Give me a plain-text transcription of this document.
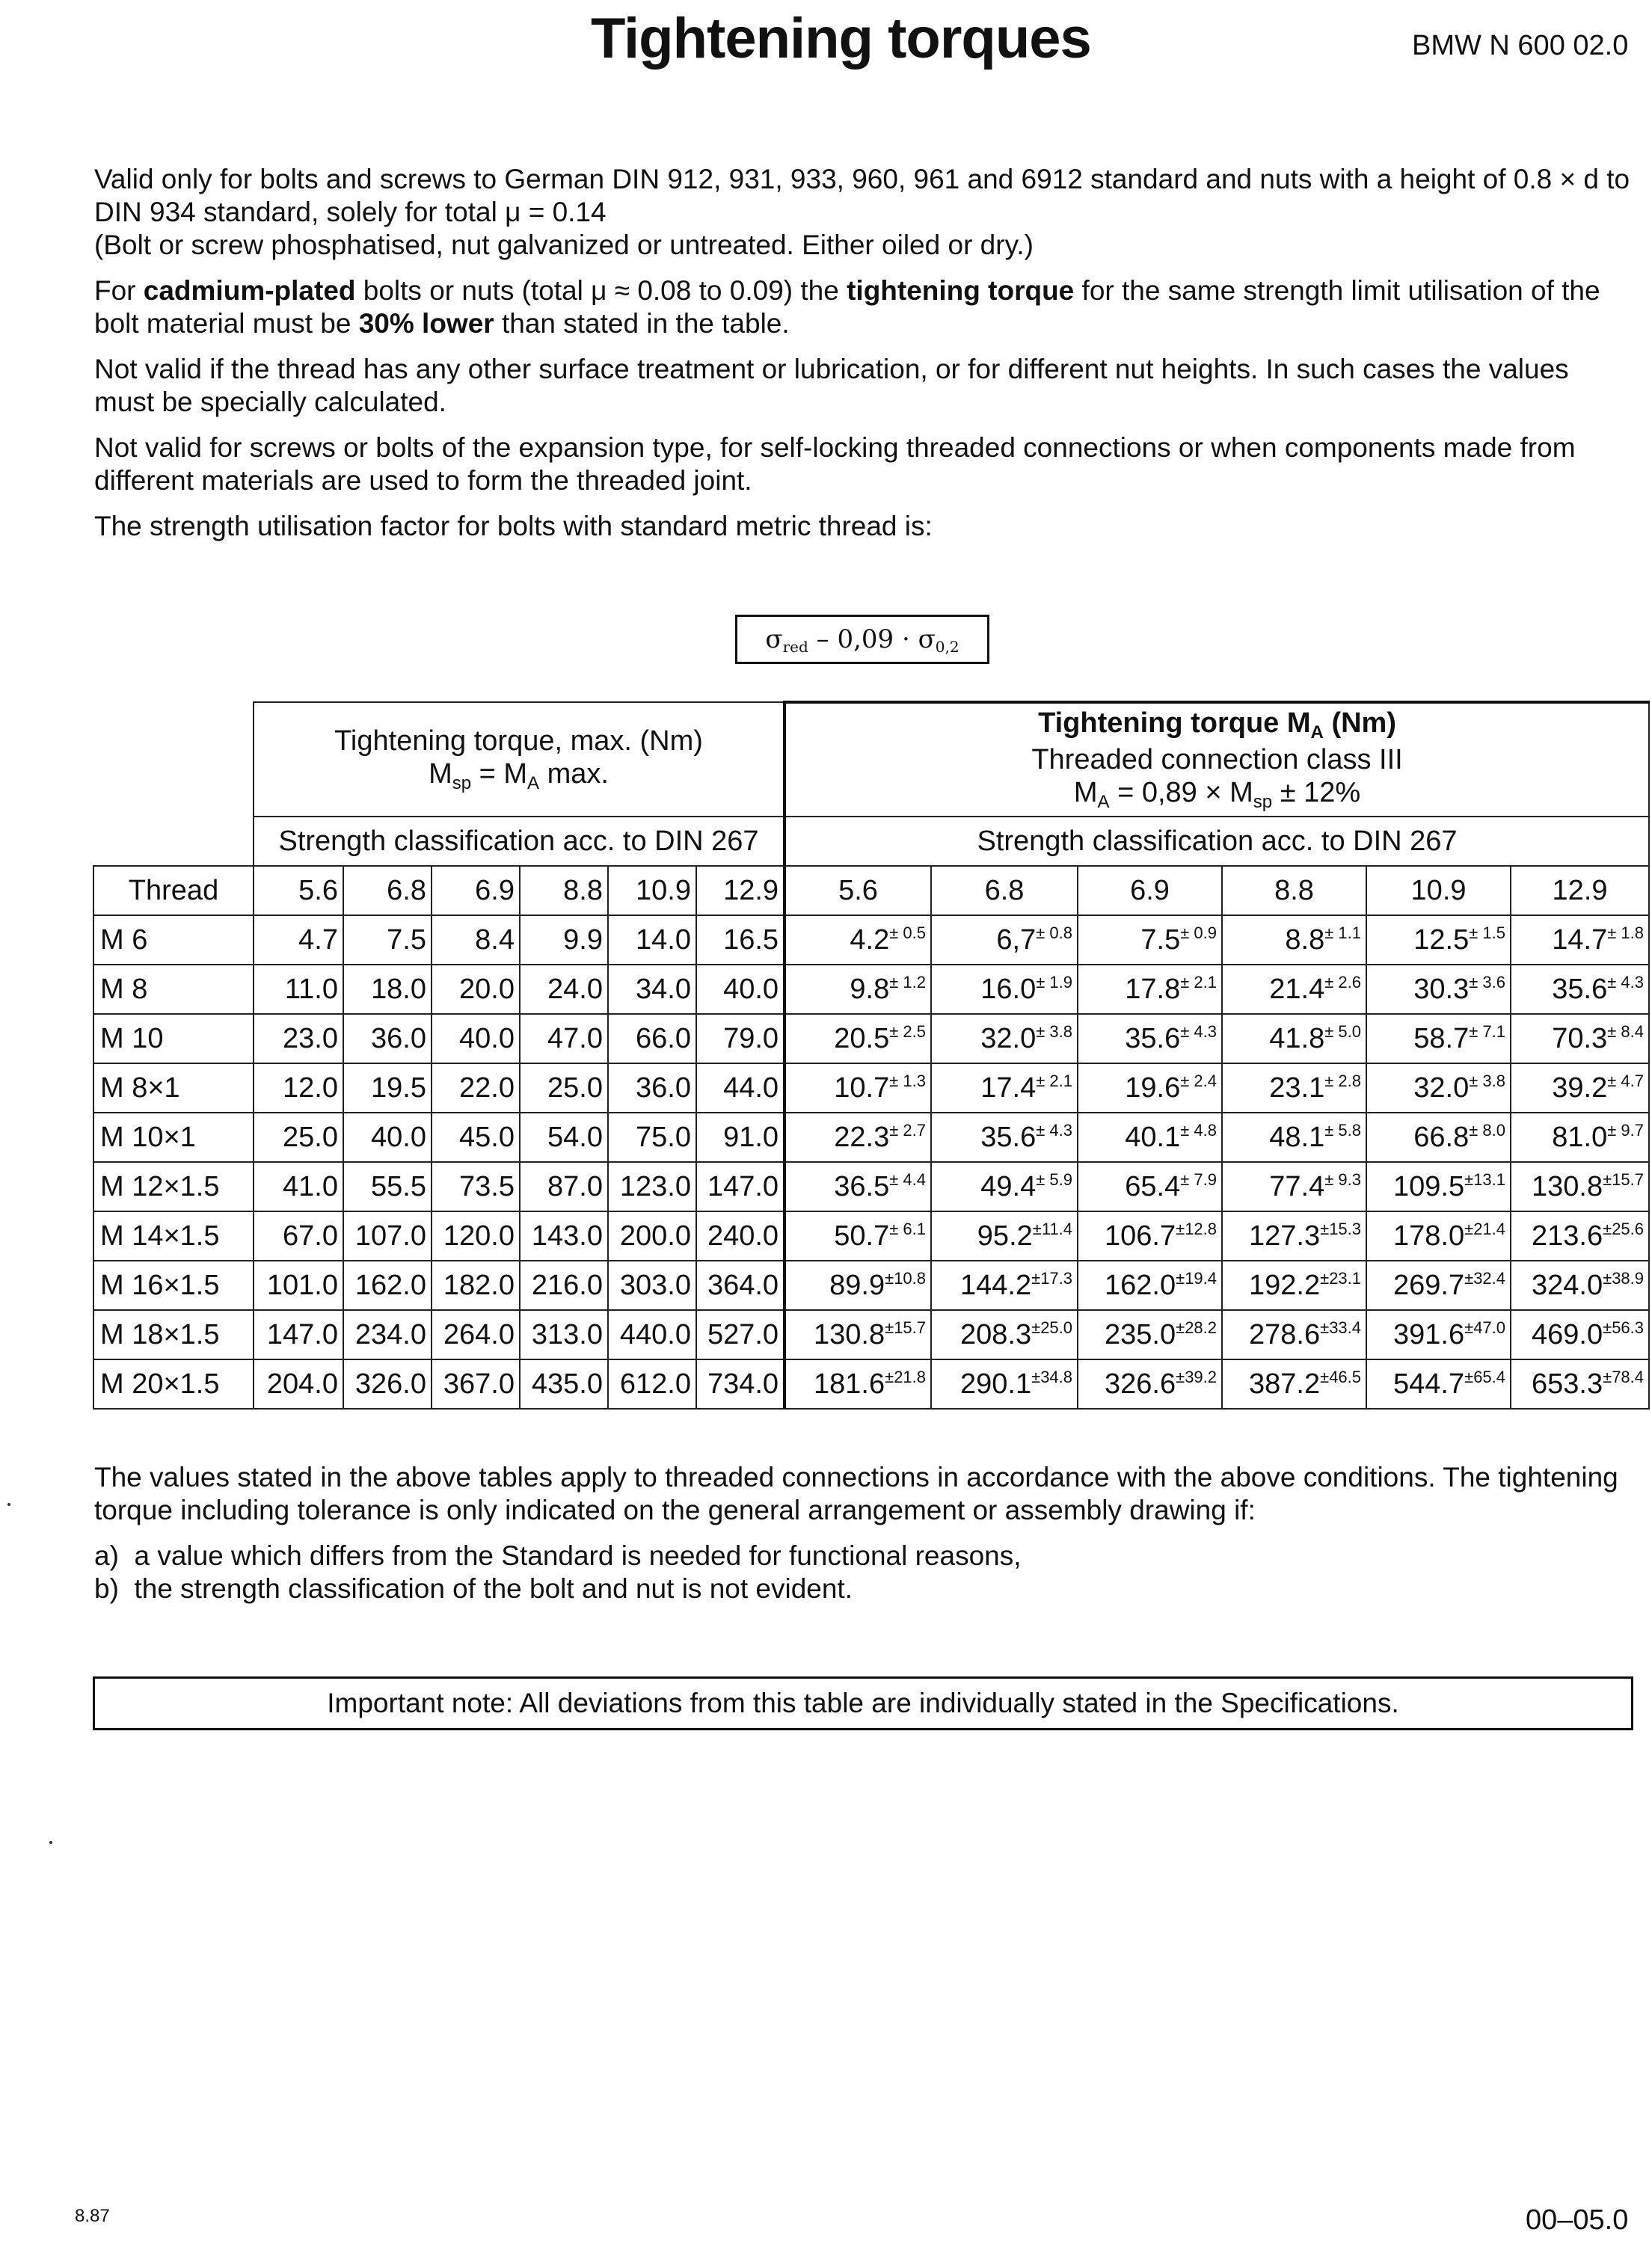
Tightening torques	BMW N 600 02.0

Valid only for bolts and screws to German DIN 912, 931, 933, 960, 961 and 6912 standard and nuts with a height of 0.8 × d to DIN 934 standard, solely for total μ = 0.14
(Bolt or screw phosphatised, nut galvanized or untreated. Either oiled or dry.)

For cadmium-plated bolts or nuts (total μ ≈ 0.08 to 0.09) the tightening torque for the same strength limit utilisation of the bolt material must be 30% lower than stated in the table.

Not valid if the thread has any other surface treatment or lubrication, or for different nut heights. In such cases the values must be specially calculated.

Not valid for screws or bolts of the expansion type, for self-locking threaded connections or when components made from different materials are used to form the threaded joint.

The strength utilisation factor for bolts with standard metric thread is:

σ red – 0,09 · σ 0,2
	Tightening torque, max. (Nm)
$M_{sp} = M_A$ max.						Tightening torque $M_A$ (Nm)
Threaded connection class III
$M_A = 0,89 \times M_{sp} \pm 12\%$					
	Strength classification acc. to DIN 267						Strength classification acc. to DIN 267					
Thread	5.6	6.8	6.9	8.8	10.9	12.9	5.6	6.8	6.9	8.8	10.9	12.9
M 6	4.7	7.5	8.4	9.9	14.0	16.5	$4.2^{\pm 0.5}$	$6,7^{\pm 0.8}$	$7.5^{\pm 0.9}$	$8.8^{\pm 1.1}$	$12.5^{\pm 1.5}$	$14.7^{\pm 1.8}$
M 8	11.0	18.0	20.0	24.0	34.0	40.0	$9.8^{\pm 1.2}$	$16.0^{\pm 1.9}$	$17.8^{\pm 2.1}$	$21.4^{\pm 2.6}$	$30.3^{\pm 3.6}$	$35.6^{\pm 4.3}$
M 10	23.0	36.0	40.0	47.0	66.0	79.0	$20.5^{\pm 2.5}$	$32.0^{\pm 3.8}$	$35.6^{\pm 4.3}$	$41.8^{\pm 5.0}$	$58.7^{\pm 7.1}$	$70.3^{\pm 8.4}$
M 8×1	12.0	19.5	22.0	25.0	36.0	44.0	$10.7^{\pm 1.3}$	$17.4^{\pm 2.1}$	$19.6^{\pm 2.4}$	$23.1^{\pm 2.8}$	$32.0^{\pm 3.8}$	$39.2^{\pm 4.7}$
M 10×1	25.0	40.0	45.0	54.0	75.0	91.0	$22.3^{\pm 2.7}$	$35.6^{\pm 4.3}$	$40.1^{\pm 4.8}$	$48.1^{\pm 5.8}$	$66.8^{\pm 8.0}$	$81.0^{\pm 9.7}$
M 12×1.5	41.0	55.5	73.5	87.0	123.0	147.0	$36.5^{\pm 4.4}$	$49.4^{\pm 5.9}$	$65.4^{\pm 7.9}$	$77.4^{\pm 9.3}$	$109.5^{\pm 13.1}$	$130.8^{\pm 15.7}$
M 14×1.5	67.0	107.0	120.0	143.0	200.0	240.0	$50.7^{\pm 6.1}$	$95.2^{\pm 11.4}$	$106.7^{\pm 12.8}$	$127.3^{\pm 15.3}$	$178.0^{\pm 21.4}$	$213.6^{\pm 25.6}$
M 16×1.5	101.0	162.0	182.0	216.0	303.0	364.0	$89.9^{\pm 10.8}$	$144.2^{\pm 17.3}$	$162.0^{\pm 19.4}$	$192.2^{\pm 23.1}$	$269.7^{\pm 32.4}$	$324.0^{\pm 38.9}$
M 18×1.5	147.0	234.0	264.0	313.0	440.0	527.0	$130.8^{\pm 15.7}$	$208.3^{\pm 25.0}$	$235.0^{\pm 28.2}$	$278.6^{\pm 33.4}$	$391.6^{\pm 47.0}$	$469.0^{\pm 56.3}$
M 20×1.5	204.0	326.0	367.0	435.0	612.0	734.0	$181.6^{\pm 21.8}$	$290.1^{\pm 34.8}$	$326.6^{\pm 39.2}$	$387.2^{\pm 46.5}$	$544.7^{\pm 65.4}$	$653.3^{\pm 78.4}$

The values stated in the above tables apply to threaded connections in accordance with the above conditions. The tightening torque including tolerance is only indicated on the general arrangement or assembly drawing if:

a)  a value which differs from the Standard is needed for functional reasons,
b)  the strength classification of the bolt and nut is not evident.
Important note: All deviations from this table are individually stated in the Specifications.
8.87	00–05.0
